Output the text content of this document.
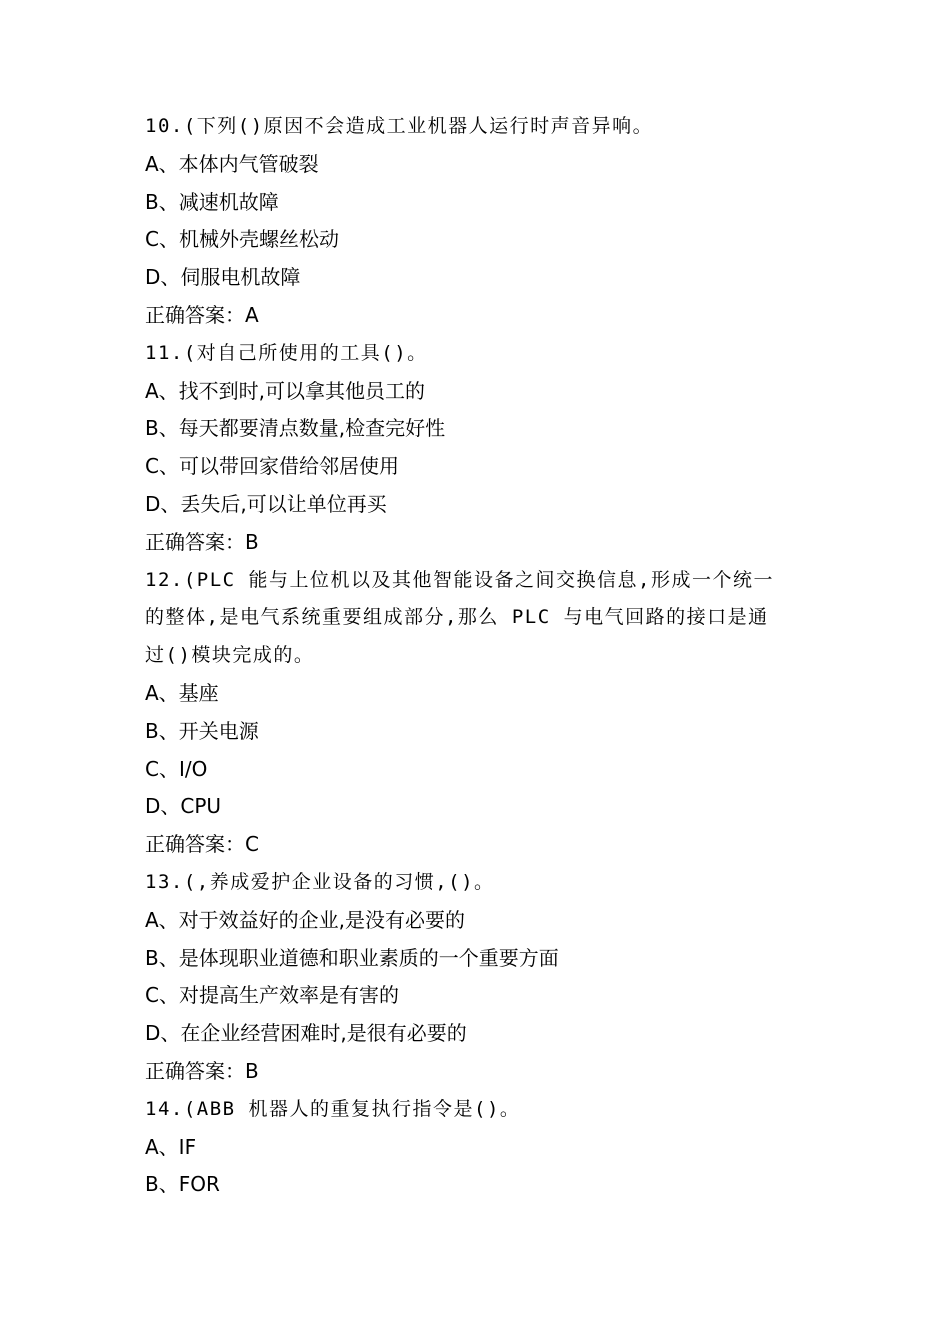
10.(下列()原因不会造成工业机器人运行时声音异响。
A、本体内气管破裂
B、减速机故障
C、机械外壳螺丝松动
D、伺服电机故障
正确答案：A
11.(对自己所使用的工具()。
A、找不到时,可以拿其他员工的
B、每天都要清点数量,检查完好性
C、可以带回家借给邻居使用
D、丢失后,可以让单位再买
正确答案：B
12.(PLC 能与上位机以及其他智能设备之间交换信息,形成一个统一
的整体,是电气系统重要组成部分,那么 PLC 与电气回路的接口是通
过()模块完成的。
A、基座
B、开关电源
C、I/O
D、CPU
正确答案：C
13.(,养成爱护企业设备的习惯,()。
A、对于效益好的企业,是没有必要的
B、是体现职业道德和职业素质的一个重要方面
C、对提高生产效率是有害的
D、在企业经营困难时,是很有必要的
正确答案：B
14.(ABB 机器人的重复执行指令是()。
A、IF
B、FOR
